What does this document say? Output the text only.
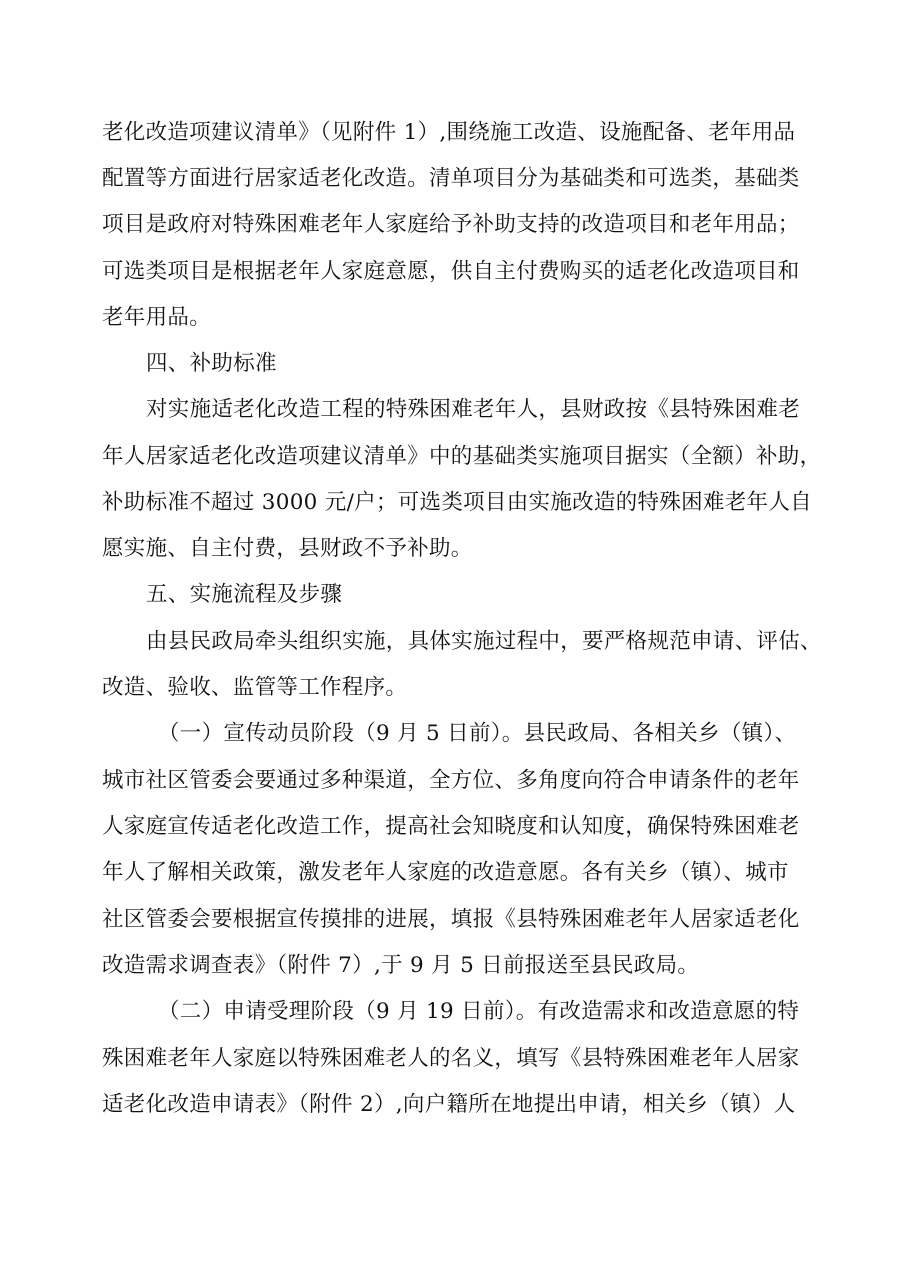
老化改造项建议清单》（见附件 1）,围绕施工改造、设施配备、老年用品
配置等方面进行居家适老化改造。清单项目分为基础类和可选类，基础类
项目是政府对特殊困难老年人家庭给予补助支持的改造项目和老年用品；
可选类项目是根据老年人家庭意愿，供自主付费购买的适老化改造项目和
老年用品。
四、补助标准
对实施适老化改造工程的特殊困难老年人，县财政按《县特殊困难老
年人居家适老化改造项建议清单》中的基础类实施项目据实（全额）补助，
补助标准不超过 3000 元/户；可选类项目由实施改造的特殊困难老年人自
愿实施、自主付费，县财政不予补助。
五、实施流程及步骤
由县民政局牵头组织实施，具体实施过程中，要严格规范申请、评估、
改造、验收、监管等工作程序。
（一）宣传动员阶段（9 月 5 日前）。县民政局、各相关乡（镇）、
城市社区管委会要通过多种渠道，全方位、多角度向符合申请条件的老年
人家庭宣传适老化改造工作，提高社会知晓度和认知度，确保特殊困难老
年人了解相关政策，激发老年人家庭的改造意愿。各有关乡（镇）、城市
社区管委会要根据宣传摸排的进展，填报《县特殊困难老年人居家适老化
改造需求调查表》（附件 7）,于 9 月 5 日前报送至县民政局。
（二）申请受理阶段（9 月 19 日前）。有改造需求和改造意愿的特
殊困难老年人家庭以特殊困难老人的名义，填写《县特殊困难老年人居家
适老化改造申请表》（附件 2）,向户籍所在地提出申请，相关乡（镇）人
